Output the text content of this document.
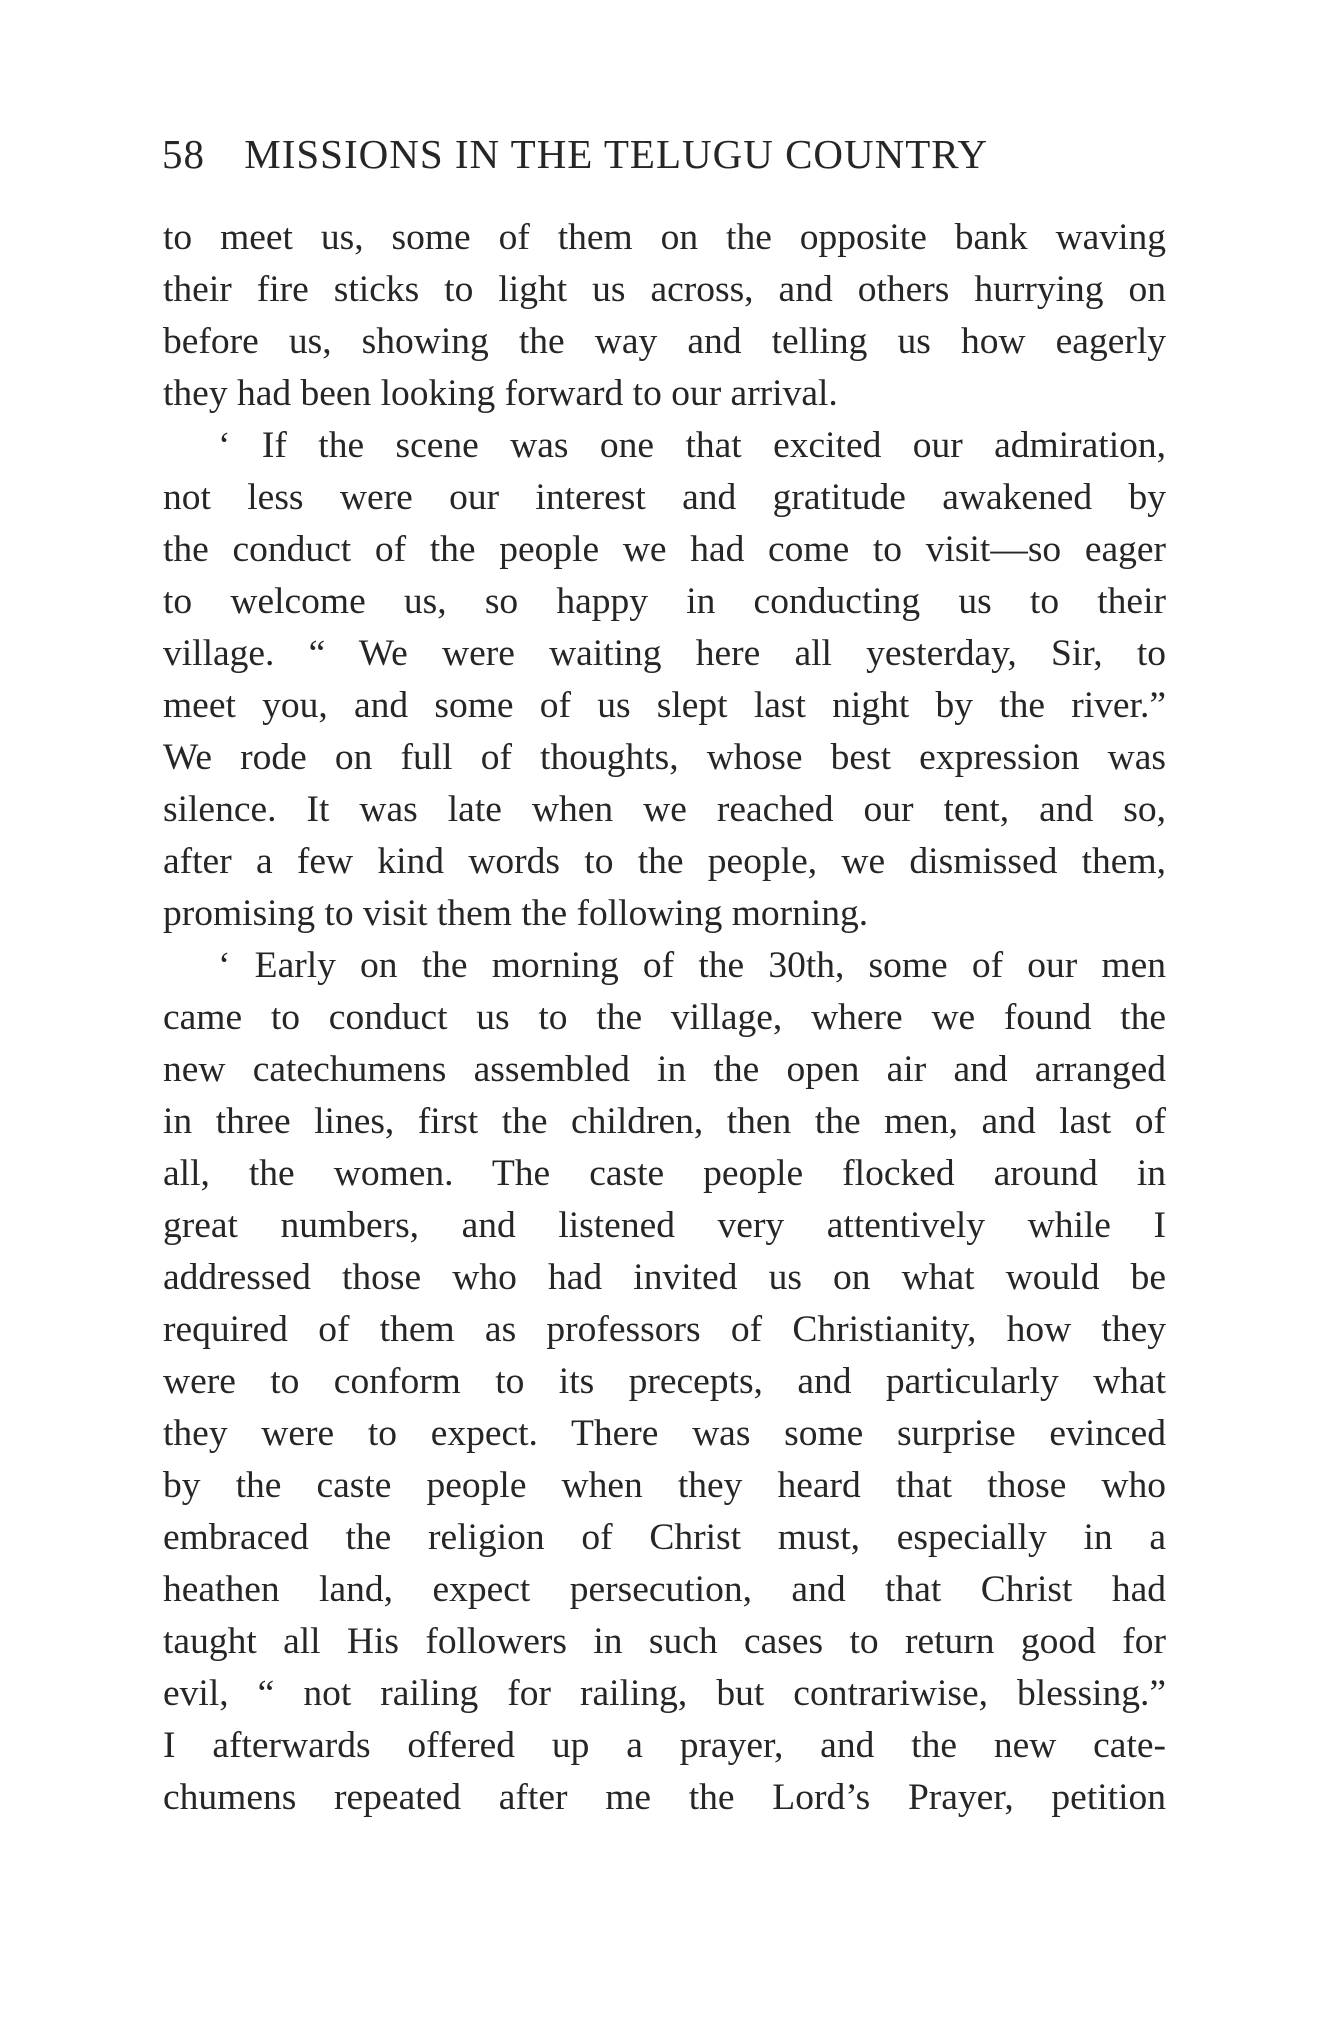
58 MISSIONS IN THE TELUGU COUNTRY
to meet us, some of them on the opposite bank waving
their fire sticks to light us across, and others hurrying on
before us, showing the way and telling us how eagerly
they had been looking forward to our arrival.
‘ If the scene was one that excited our admiration,
not less were our interest and gratitude awakened by
the conduct of the people we had come to visit—so eager
to welcome us, so happy in conducting us to their
village. “ We were waiting here all yesterday, Sir, to
meet you, and some of us slept last night by the river.”
We rode on full of thoughts, whose best expression was
silence. It was late when we reached our tent, and so,
after a few kind words to the people, we dismissed them,
promising to visit them the following morning.
‘ Early on the morning of the 30th, some of our men
came to conduct us to the village, where we found the
new catechumens assembled in the open air and arranged
in three lines, first the children, then the men, and last of
all, the women. The caste people flocked around in
great numbers, and listened very attentively while I
addressed those who had invited us on what would be
required of them as professors of Christianity, how they
were to conform to its precepts, and particularly what
they were to expect. There was some surprise evinced
by the caste people when they heard that those who
embraced the religion of Christ must, especially in a
heathen land, expect persecution, and that Christ had
taught all His followers in such cases to return good for
evil, “ not railing for railing, but contrariwise, blessing.”
I afterwards offered up a prayer, and the new cate-
chumens repeated after me the Lord’s Prayer, petition
